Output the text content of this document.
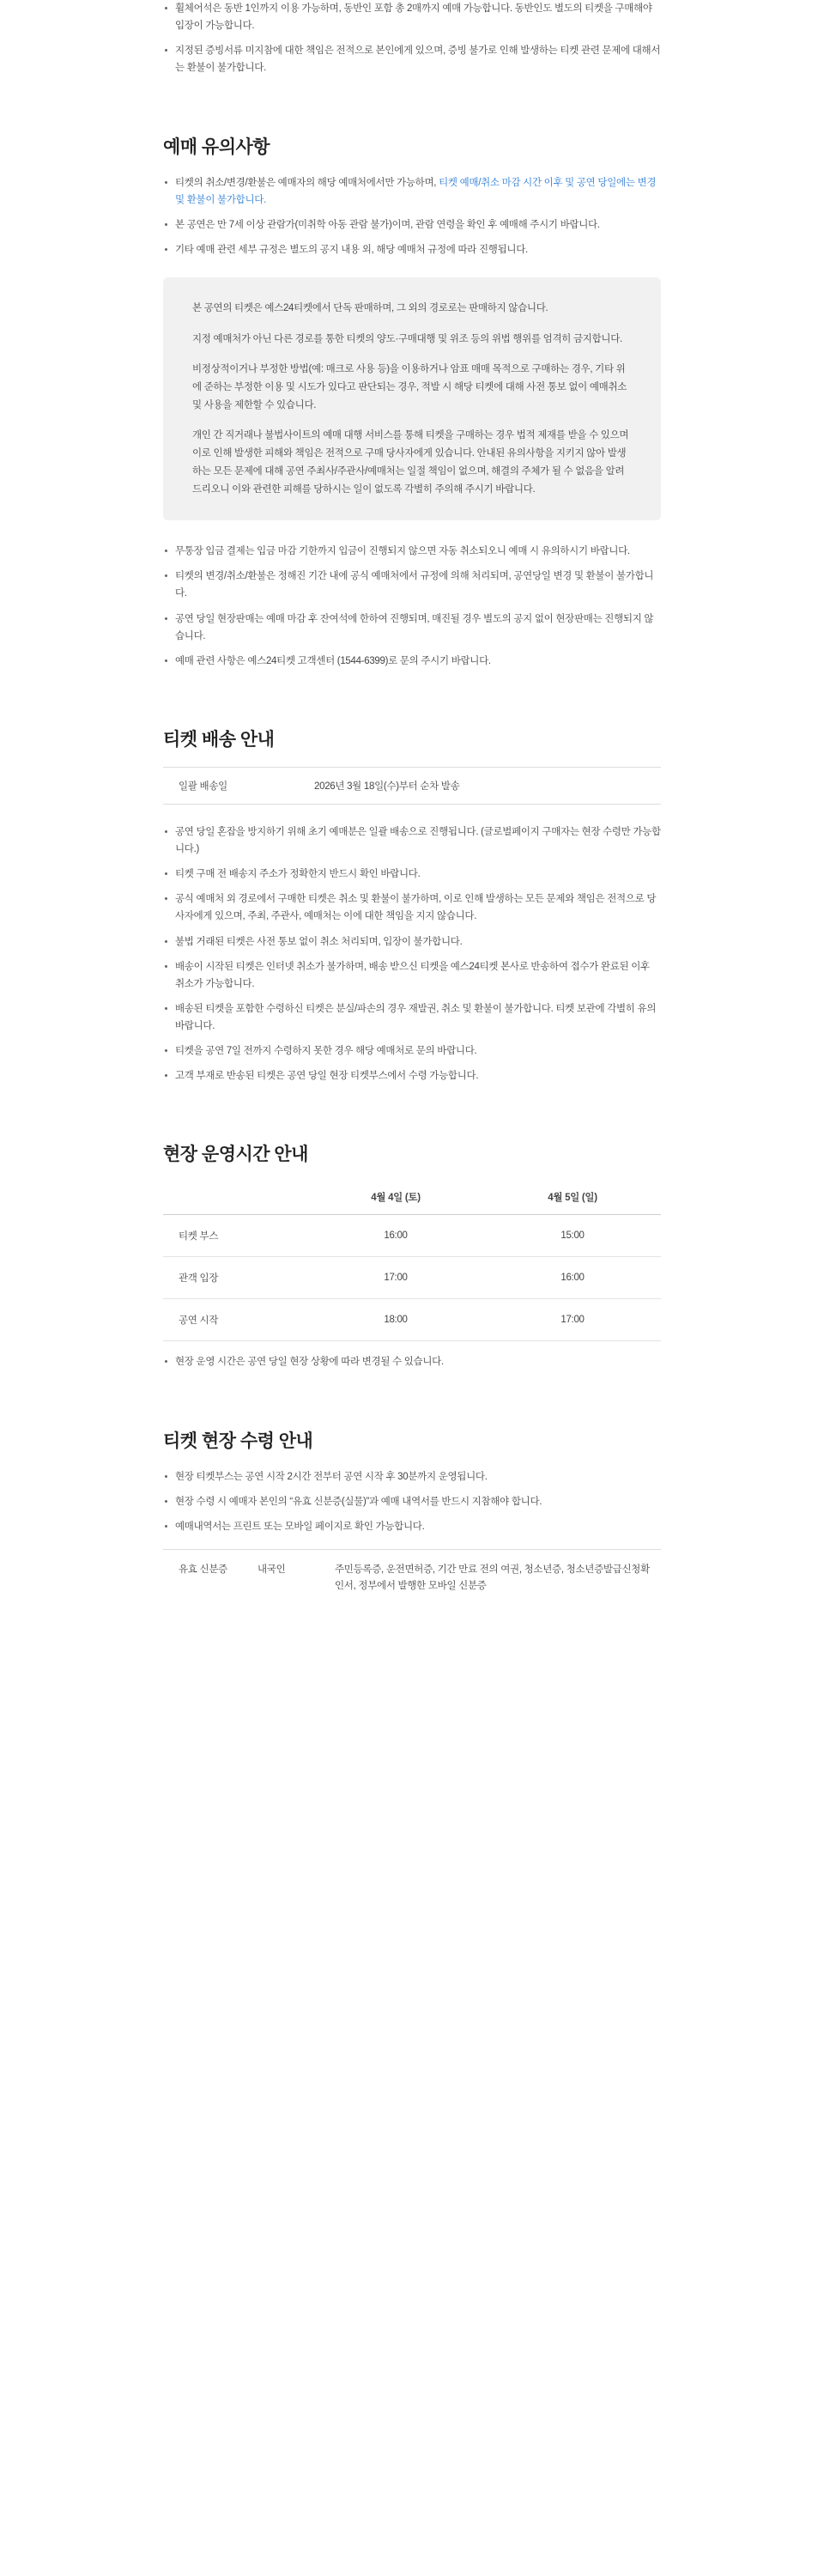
휠체어석은 동반 1인까지 이용 가능하며, 동반인 포함 총 2매까지 예매 가능합니다. 동반인도 별도의 티켓을 구매해야 입장이 가능합니다.
지정된 증빙서류 미지참에 대한 책임은 전적으로 본인에게 있으며, 증빙 불가로 인해 발생하는 티켓 관련 문제에 대해서는 환불이 불가합니다.
예매 유의사항
티켓의 취소/변경/환불은 예매자의 해당 예매처에서만 가능하며, 티켓 예매/취소 마감 시간 이후 및 공연 당일에는 변경 및 환불이 불가합니다.
본 공연은 만 7세 이상 관람가(미취학 아동 관람 불가)이며, 관람 연령을 확인 후 예매해 주시기 바랍니다.
기타 예매 관련 세부 규정은 별도의 공지 내용 외, 해당 예매처 규정에 따라 진행됩니다.

본 공연의 티켓은 예스24티켓에서 단독 판매하며, 그 외의 경로로는 판매하지 않습니다.

지정 예매처가 아닌 다른 경로를 통한 티켓의 양도·구매대행 및 위조 등의 위법 행위를 엄격히 금지합니다.

비정상적이거나 부정한 방법(예: 매크로 사용 등)을 이용하거나 암표 매매 목적으로 구매하는 경우, 기타 위에 준하는 부정한 이용 및 시도가 있다고 판단되는 경우, 적발 시 해당 티켓에 대해 사전 통보 없이 예매취소 및 사용을 제한할 수 있습니다.

개인 간 직거래나 불법사이트의 예매 대행 서비스를 통해 티켓을 구매하는 경우 법적 제재를 받을 수 있으며 이로 인해 발생한 피해와 책임은 전적으로 구매 당사자에게 있습니다. 안내된 유의사항을 지키지 않아 발생하는 모든 문제에 대해 공연 주최사/주관사/예매처는 일절 책임이 없으며, 해결의 주체가 될 수 없음을 알려드리오니 이와 관련한 피해를 당하시는 일이 없도록 각별히 주의해 주시기 바랍니다.

무통장 입금 결제는 입금 마감 기한까지 입금이 진행되지 않으면 자동 취소되오니 예매 시 유의하시기 바랍니다.
티켓의 변경/취소/환불은 정해진 기간 내에 공식 예매처에서 규정에 의해 처리되며, 공연당일 변경 및 환불이 불가합니다.
공연 당일 현장판매는 예매 마감 후 잔여석에 한하여 진행되며, 매진될 경우 별도의 공지 없이 현장판매는 진행되지 않습니다.
예매 관련 사항은 예스24티켓 고객센터 (1544-6399)로 문의 주시기 바랍니다.
티켓 배송 안내
일괄 배송일	2026년 3월 18일(수)부터 순차 발송
공연 당일 혼잡을 방지하기 위해 초기 예매분은 일괄 배송으로 진행됩니다. (글로벌페이지 구매자는 현장 수령만 가능합니다.)
티켓 구매 전 배송지 주소가 정확한지 반드시 확인 바랍니다.
공식 예매처 외 경로에서 구매한 티켓은 취소 및 환불이 불가하며, 이로 인해 발생하는 모든 문제와 책임은 전적으로 당사자에게 있으며, 주최, 주관사, 예매처는 이에 대한 책임을 지지 않습니다.
불법 거래된 티켓은 사전 통보 없이 취소 처리되며, 입장이 불가합니다.
배송이 시작된 티켓은 인터넷 취소가 불가하며, 배송 받으신 티켓을 예스24티켓 본사로 반송하여 접수가 완료된 이후 취소가 가능합니다.
배송된 티켓을 포함한 수령하신 티켓은 분실/파손의 경우 재발권, 취소 및 환불이 불가합니다. 티켓 보관에 각별히 유의 바랍니다.
티켓을 공연 7일 전까지 수령하지 못한 경우 해당 예매처로 문의 바랍니다.
고객 부재로 반송된 티켓은 공연 당일 현장 티켓부스에서 수령 가능합니다.
현장 운영시간 안내
	4월 4일 (토)	4월 5일 (일)
티켓 부스	16:00	15:00
관객 입장	17:00	16:00
공연 시작	18:00	17:00
현장 운영 시간은 공연 당일 현장 상황에 따라 변경될 수 있습니다.
티켓 현장 수령 안내
현장 티켓부스는 공연 시작 2시간 전부터 공연 시작 후 30분까지 운영됩니다.
현장 수령 시 예매자 본인의 “유효 신분증(실물)”과 예매 내역서를 반드시 지참해야 합니다.
예매내역서는 프린트 또는 모바일 페이지로 확인 가능합니다.
유효 신분증	내국인	주민등록증, 운전면허증, 기간 만료 전의 여권, 청소년증, 청소년증발급신청확인서, 정부에서 발행한 모바일 신분증
